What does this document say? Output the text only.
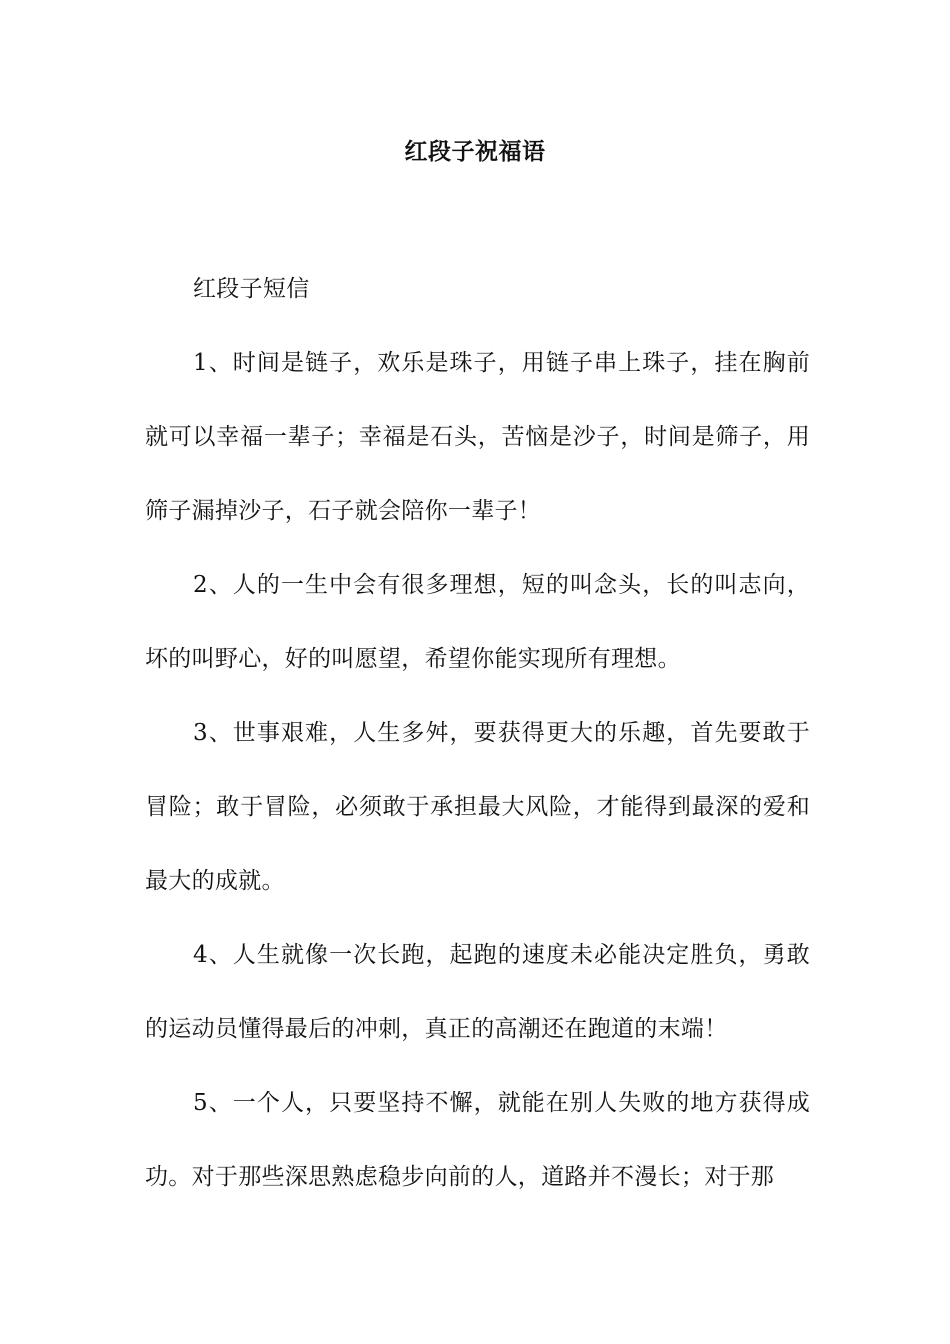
红段子祝福语

红段子短信

1、时间是链子，欢乐是珠子，用链子串上珠子，挂在胸前就可以幸福一辈子；幸福是石头，苦恼是沙子，时间是筛子，用筛子漏掉沙子，石子就会陪你一辈子！

2、人的一生中会有很多理想，短的叫念头，长的叫志向，坏的叫野心，好的叫愿望，希望你能实现所有理想。

3、世事艰难，人生多舛，要获得更大的乐趣，首先要敢于冒险；敢于冒险，必须敢于承担最大风险，才能得到最深的爱和最大的成就。

4、人生就像一次长跑，起跑的速度未必能决定胜负，勇敢的运动员懂得最后的冲刺，真正的高潮还在跑道的末端！

5、一个人，只要坚持不懈，就能在别人失败的地方获得成功。对于那些深思熟虑稳步向前的人，道路并不漫长；对于那
